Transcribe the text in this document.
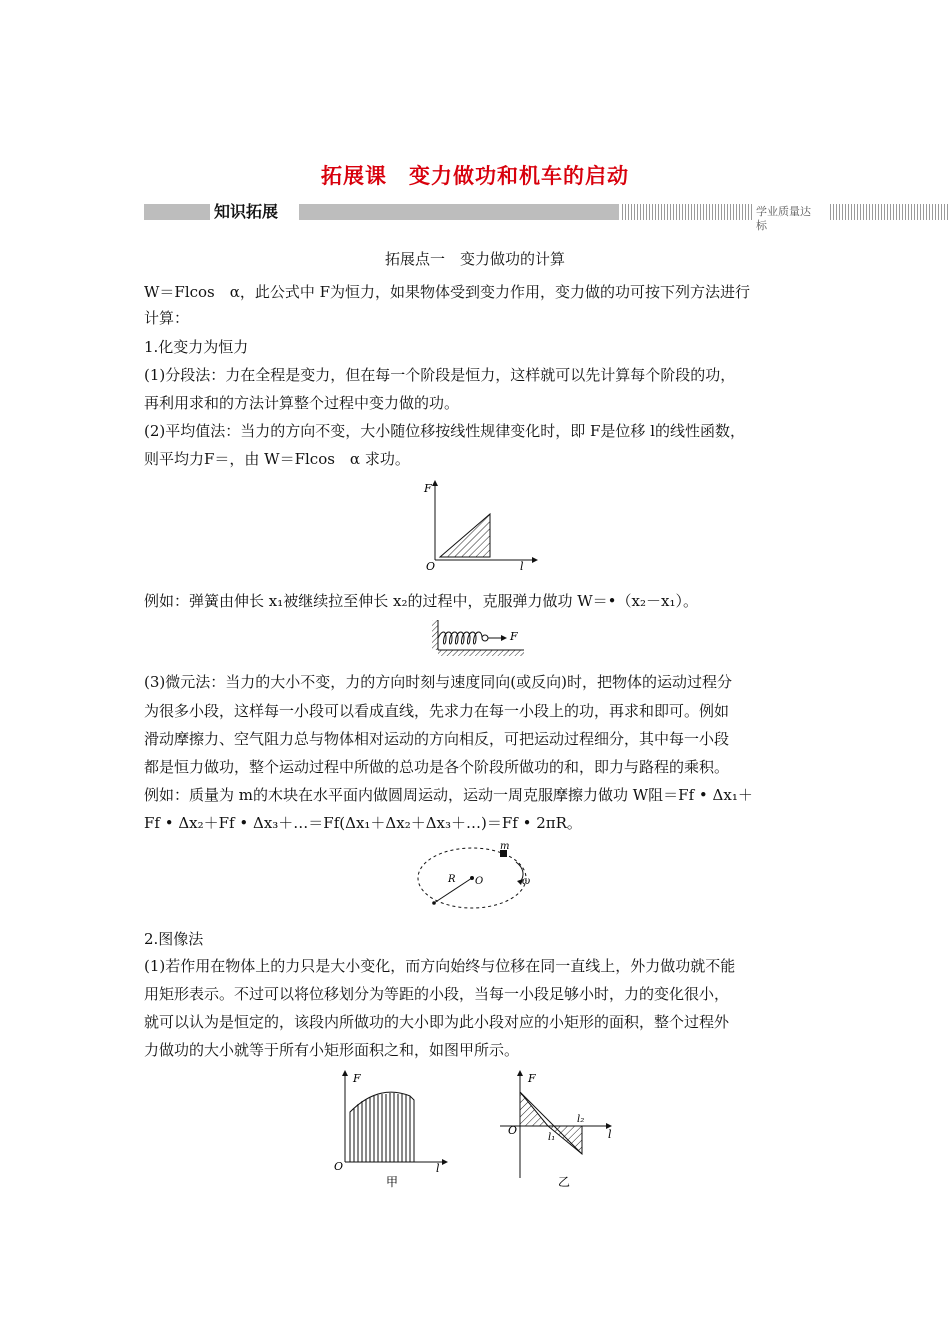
拓展课　变力做功和机车的启动
知识拓展	学业质量达标
拓展点一　变力做功的计算
W＝Flcos　α，此公式中 F为恒力，如果物体受到变力作用，变力做的功可按下列方法进行
计算：
1.化变力为恒力
(1)分段法：力在全程是变力，但在每一个阶段是恒力，这样就可以先计算每个阶段的功，
再利用求和的方法计算整个过程中变力做的功。
(2)平均值法：当力的方向不变，大小随位移按线性规律变化时，即 F是位移 l的线性函数，
则平均力F＝，由 W＝Flcos　α 求功。
F
O	l
例如：弹簧由伸长 x₁被继续拉至伸长 x₂的过程中，克服弹力做功 W＝•（x₂－x₁）。
F
(3)微元法：当力的大小不变，力的方向时刻与速度同向(或反向)时，把物体的运动过程分
为很多小段，这样每一小段可以看成直线，先求力在每一小段上的功，再求和即可。例如
滑动摩擦力、空气阻力总与物体相对运动的方向相反，可把运动过程细分，其中每一小段
都是恒力做功，整个运动过程中所做的总功是各个阶段所做功的和，即力与路程的乘积。
例如：质量为 m的木块在水平面内做圆周运动，运动一周克服摩擦力做功 W阻＝Ff • Δx₁＋
Ff • Δx₂＋Ff • Δx₃＋…＝Ff(Δx₁＋Δx₂＋Δx₃＋…)＝Ff • 2πR。
m
R O	ω
2.图像法
(1)若作用在物体上的力只是大小变化，而方向始终与位移在同一直线上，外力做功就不能
用矩形表示。不过可以将位移划分为等距的小段，当每一小段足够小时，力的变化很小，
就可以认为是恒定的，该段内所做功的大小即为此小段对应的小矩形的面积，整个过程外
力做功的大小就等于所有小矩形面积之和，如图甲所示。
F
O	l
甲
F
O
l₁
l₂
l
乙
